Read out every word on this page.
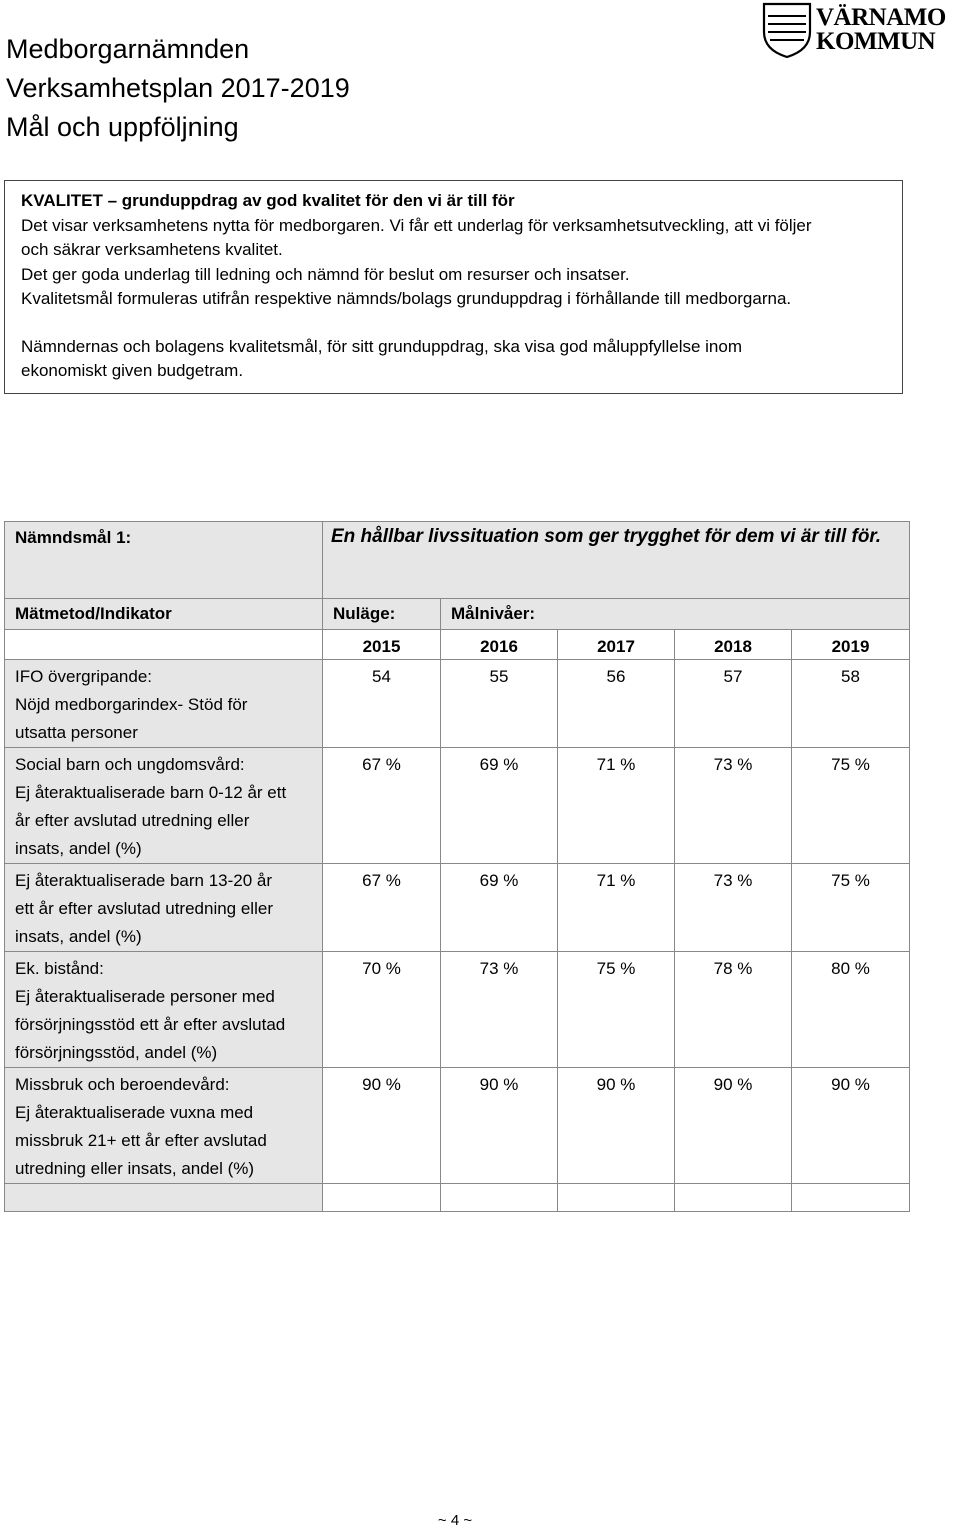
Medborgarnämnden
Verksamhetsplan 2017-2019
Mål och uppföljning
VÄRNAMO
KOMMUN
KVALITET – grunduppdrag av god kvalitet för den vi är till för
Det visar verksamhetens nytta för medborgaren. Vi får ett underlag för verksamhetsutveckling, att vi följer
och säkrar verksamhetens kvalitet.
Det ger goda underlag till ledning och nämnd för beslut om resurser och insatser.
Kvalitetsmål formuleras utifrån respektive nämnds/bolags grunduppdrag i förhållande till medborgarna.
Nämndernas och bolagens kvalitetsmål, för sitt grunduppdrag, ska visa god måluppfyllelse inom
ekonomiskt given budgetram.
Nämndsmål 1:	En hållbar livssituation som ger trygghet för dem vi är till för.				
Mätmetod/Indikator	Nuläge:	Målnivåer:			
	2015	2016	2017	2018	2019

IFO övergripande:
Nöjd medborgarindex- Stöd för
utsatta personer	54	55	56	57	58

Social barn och ungdomsvård:
Ej återaktualiserade barn 0-12 år ett
år efter avslutad utredning eller
insats, andel (%)	67 %	69 %	71 %	73 %	75 %

Ej återaktualiserade barn 13-20 år
ett år efter avslutad utredning eller
insats, andel (%)	67 %	69 %	71 %	73 %	75 %

Ek. bistånd:
Ej återaktualiserade personer med
försörjningsstöd ett år efter avslutad
försörjningsstöd, andel (%)	70 %	73 %	75 %	78 %	80 %

Missbruk och beroendevård:
Ej återaktualiserade vuxna med
missbruk 21+ ett år efter avslutad
utredning eller insats, andel (%)	90 %	90 %	90 %	90 %	90 %

~ 4 ~
